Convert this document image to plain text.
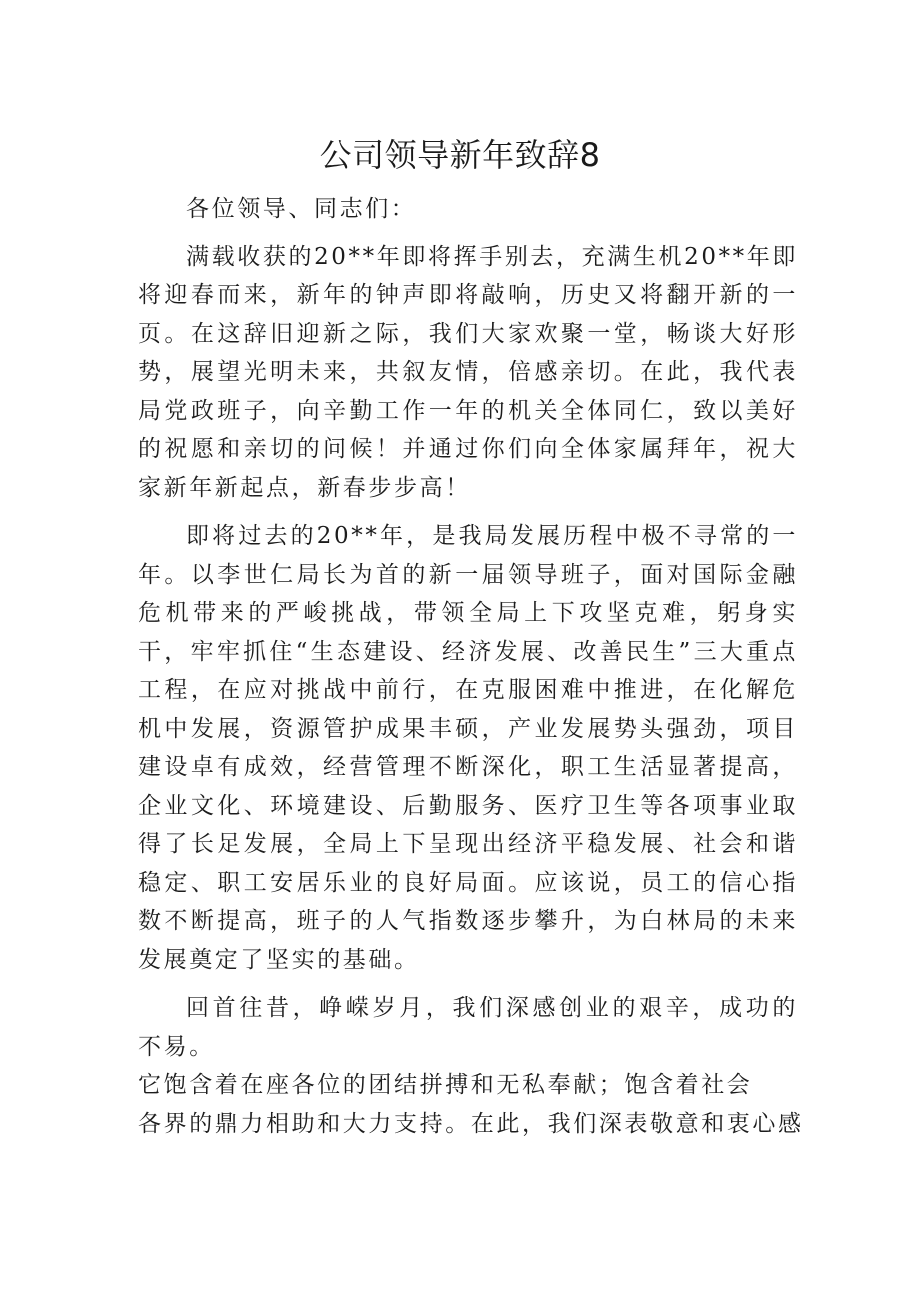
公司领导新年致辞8

各位领导、同志们：

满载收获的20**年即将挥手别去，充满生机20**年即将迎春而来，新年的钟声即将敲响，历史又将翻开新的一页。在这辞旧迎新之际，我们大家欢聚一堂，畅谈大好形势，展望光明未来，共叙友情，倍感亲切。在此，我代表局党政班子，向辛勤工作一年的机关全体同仁，致以美好的祝愿和亲切的问候！并通过你们向全体家属拜年，祝大家新年新起点，新春步步高！

即将过去的20**年，是我局发展历程中极不寻常的一年。以李世仁局长为首的新一届领导班子，面对国际金融危机带来的严峻挑战，带领全局上下攻坚克难，躬身实干，牢牢抓住“生态建设、经济发展、改善民生”三大重点工程，在应对挑战中前行，在克服困难中推进，在化解危机中发展，资源管护成果丰硕，产业发展势头强劲，项目建设卓有成效，经营管理不断深化，职工生活显著提高，企业文化、环境建设、后勤服务、医疗卫生等各项事业取得了长足发展，全局上下呈现出经济平稳发展、社会和谐稳定、职工安居乐业的良好局面。应该说，员工的信心指数不断提高，班子的人气指数逐步攀升，为白林局的未来发展奠定了坚实的基础。

回首往昔，峥嵘岁月，我们深感创业的艰辛，成功的不易。

它饱含着在座各位的团结拼搏和无私奉献；饱含着社会
各界的鼎力相助和大力支持。在此，我们深表敬意和衷心感
